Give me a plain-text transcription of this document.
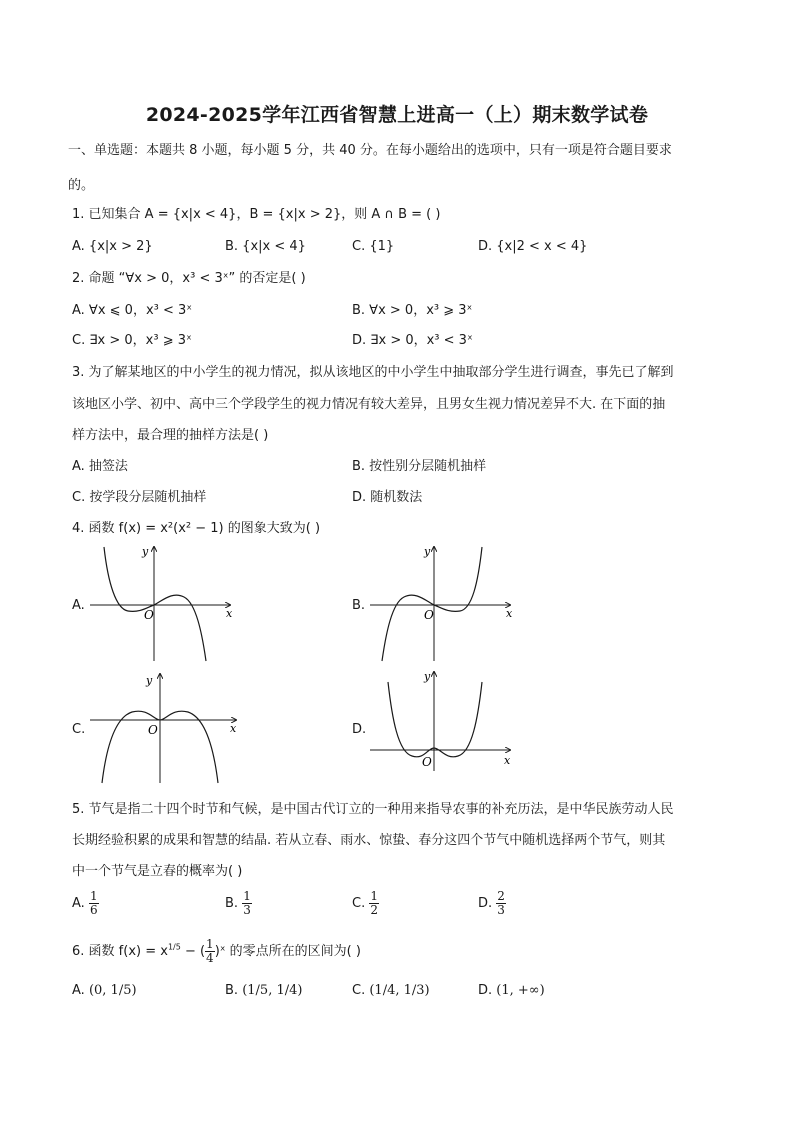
2024-2025学年江西省智慧上进高一（上）期末数学试卷
一、单选题：本题共 8 小题，每小题 5 分，共 40 分。在每小题给出的选项中，只有一项是符合题目要求
的。
1. 已知集合 A = {x|x < 4}，B = {x|x > 2}，则 A ∩ B = ( )
A. {x|x > 2}	B. {x|x < 4}	C. {1}	D. {x|2 < x < 4}
2. 命题 “∀x > 0，x³ < 3ˣ” 的否定是( )
A. ∀x ⩽ 0，x³ < 3ˣ	B. ∀x > 0，x³ ⩾ 3ˣ
C. ∃x > 0，x³ ⩾ 3ˣ	D. ∃x > 0，x³ < 3ˣ
3. 为了解某地区的中小学生的视力情况，拟从该地区的中小学生中抽取部分学生进行调查，事先已了解到
该地区小学、初中、高中三个学段学生的视力情况有较大差异，且男女生视力情况差异不大. 在下面的抽
样方法中，最合理的抽样方法是( )
A. 抽签法	B. 按性别分层随机抽样
C. 按学段分层随机抽样	D. 随机数法
4. 函数 f(x) = x²(x² − 1) 的图象大致为( )
A.	B.
C.	D.
x
y
O	x
y
O
x
y
O
x
y
O
5. 节气是指二十四个时节和气候，是中国古代订立的一种用来指导农事的补充历法，是中华民族劳动人民
长期经验积累的成果和智慧的结晶. 若从立春、雨水、惊蛰、春分这四个节气中随机选择两个节气，则其
中一个节气是立春的概率为( )
A. $\frac{1}{6}$	B. $\frac{1}{3}$	C. $\frac{1}{2}$	D. $\frac{2}{3}$
6. 函数 $f(x) = x^{1/5}$ − ( $\frac{1}{4}$ )ˣ 的零点所在的区间为( )
A. (0, 1/5)	B. (1/5, 1/4)	C. (1/4, 1/3)	D. (1, +∞)
